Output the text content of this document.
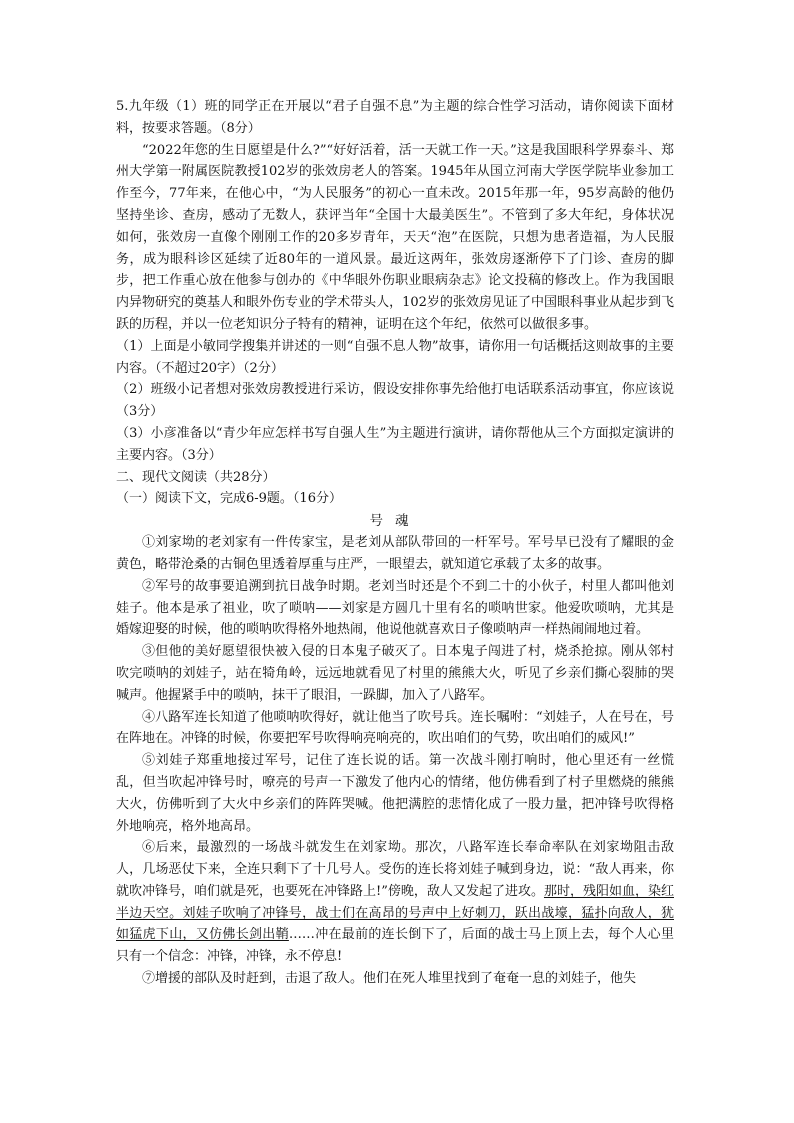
5.九年级（1）班的同学正在开展以“君子自强不息”为主题的综合性学习活动，请你阅读下面材料，按要求答题。（8分）

“2022年您的生日愿望是什么?”“好好活着，活一天就工作一天。”这是我国眼科学界泰斗、郑州大学第一附属医院教授102岁的张效房老人的答案。1945年从国立河南大学医学院毕业参加工作至今，77年来，在他心中，“为人民服务”的初心一直未改。2015年那一年，95岁高龄的他仍坚持坐诊、查房，感动了无数人，获评当年“全国十大最美医生”。不管到了多大年纪，身体状况如何，张效房一直像个刚刚工作的20多岁青年，天天“泡”在医院，只想为患者造福，为人民服务，成为眼科诊区延续了近80年的一道风景。最近这两年，张效房逐渐停下了门诊、查房的脚步，把工作重心放在他参与创办的《中华眼外伤职业眼病杂志》论文投稿的修改上。作为我国眼内异物研究的奠基人和眼外伤专业的学术带头人，102岁的张效房见证了中国眼科事业从起步到飞跃的历程，并以一位老知识分子特有的精神，证明在这个年纪，依然可以做很多事。

（1）上面是小敏同学搜集并讲述的一则“自强不息人物”故事，请你用一句话概括这则故事的主要内容。（不超过20字）（2分）

（2）班级小记者想对张效房教授进行采访，假设安排你事先给他打电话联系活动事宜，你应该说（3分）

（3）小彦准备以“青少年应怎样书写自强人生”为主题进行演讲，请你帮他从三个方面拟定演讲的主要内容。（3分）

二、现代文阅读（共28分）

（一）阅读下文，完成6-9题。（16分）

号魂

①刘家坳的老刘家有一件传家宝，是老刘从部队带回的一杆军号。军号早已没有了耀眼的金黄色，略带沧桑的古铜色里透着厚重与庄严，一眼望去，就知道它承载了太多的故事。

②军号的故事要追溯到抗日战争时期。老刘当时还是个不到二十的小伙子，村里人都叫他刘娃子。他本是承了祖业，吹了唢呐——刘家是方圆几十里有名的唢呐世家。他爱吹唢呐，尤其是婚嫁迎娶的时候，他的唢呐吹得格外地热闹，他说他就喜欢日子像唢呐声一样热闹闹地过着。

③但他的美好愿望很快被入侵的日本鬼子破灭了。日本鬼子闯进了村，烧杀抢掠。刚从邻村吹完唢呐的刘娃子，站在犄角岭，远远地就看见了村里的熊熊大火，听见了乡亲们撕心裂肺的哭喊声。他握紧手中的唢呐，抹干了眼泪，一跺脚，加入了八路军。

④八路军连长知道了他唢呐吹得好，就让他当了吹号兵。连长嘱咐：“刘娃子，人在号在，号在阵地在。冲锋的时候，你要把军号吹得响亮响亮的，吹出咱们的气势，吹出咱们的威风!”

⑤刘娃子郑重地接过军号，记住了连长说的话。第一次战斗刚打响时，他心里还有一丝慌乱，但当吹起冲锋号时，嘹亮的号声一下激发了他内心的情绪，他仿佛看到了村子里燃烧的熊熊大火，仿佛听到了大火中乡亲们的阵阵哭喊。他把满腔的悲情化成了一股力量，把冲锋号吹得格外地响亮，格外地高昂。

⑥后来，最激烈的一场战斗就发生在刘家坳。那次，八路军连长奉命率队在刘家坳阻击敌人，几场恶仗下来，全连只剩下了十几号人。受伤的连长将刘娃子喊到身边，说：“敌人再来，你就吹冲锋号，咱们就是死，也要死在冲锋路上!”傍晚，敌人又发起了进攻。那时，残阳如血，染红半边天空。刘娃子吹响了冲锋号，战士们在高昂的号声中上好刺刀，跃出战壕，猛扑向敌人，犹如猛虎下山，又仿佛长剑出鞘……冲在最前的连长倒下了，后面的战士马上顶上去，每个人心里只有一个信念：冲锋，冲锋，永不停息!

⑦增援的部队及时赶到，击退了敌人。他们在死人堆里找到了奄奄一息的刘娃子，他失
